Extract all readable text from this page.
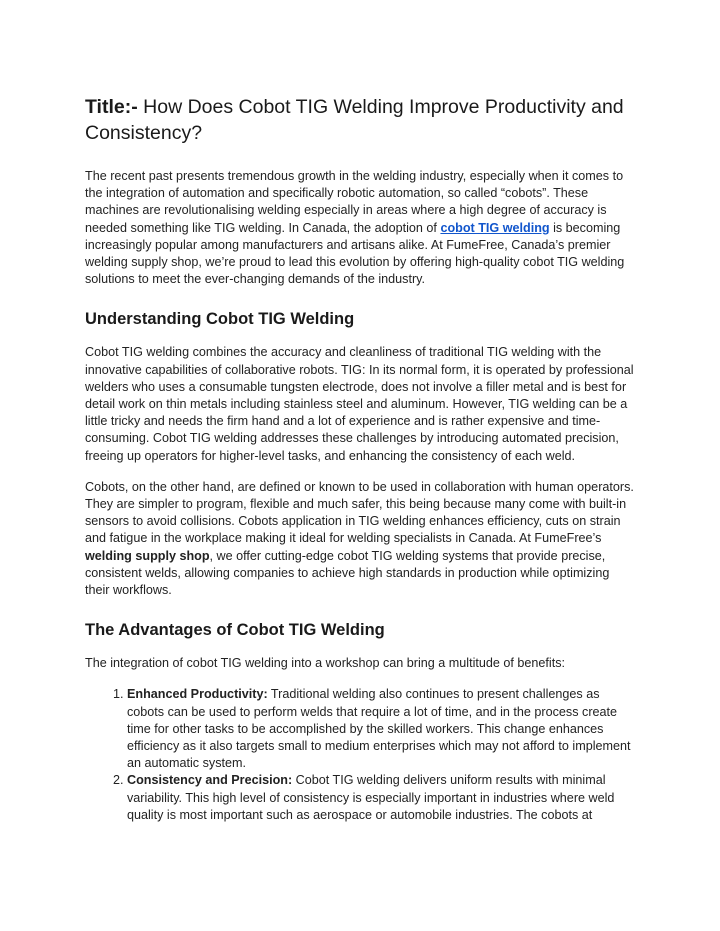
Title:- How Does Cobot TIG Welding Improve Productivity and Consistency?

The recent past presents tremendous growth in the welding industry, especially when it comes to the integration of automation and specifically robotic automation, so called “cobots”. These machines are revolutionalising welding especially in areas where a high degree of accuracy is needed something like TIG welding. In Canada, the adoption of cobot TIG welding is becoming increasingly popular among manufacturers and artisans alike. At FumeFree, Canada’s premier welding supply shop, we’re proud to lead this evolution by offering high-quality cobot TIG welding solutions to meet the ever-changing demands of the industry.

Understanding Cobot TIG Welding

Cobot TIG welding combines the accuracy and cleanliness of traditional TIG welding with the innovative capabilities of collaborative robots. TIG: In its normal form, it is operated by professional welders who uses a consumable tungsten electrode, does not involve a filler metal and is best for detail work on thin metals including stainless steel and aluminum. However, TIG welding can be a little tricky and needs the firm hand and a lot of experience and is rather expensive and time-consuming. Cobot TIG welding addresses these challenges by introducing automated precision, freeing up operators for higher-level tasks, and enhancing the consistency of each weld.

Cobots, on the other hand, are defined or known to be used in collaboration with human operators. They are simpler to program, flexible and much safer, this being because many come with built-in sensors to avoid collisions. Cobots application in TIG welding enhances efficiency, cuts on strain and fatigue in the workplace making it ideal for welding specialists in Canada. At FumeFree’s welding supply shop, we offer cutting-edge cobot TIG welding systems that provide precise, consistent welds, allowing companies to achieve high standards in production while optimizing their workflows.

The Advantages of Cobot TIG Welding

The integration of cobot TIG welding into a workshop can bring a multitude of benefits:

1. Enhanced Productivity: Traditional welding also continues to present challenges as cobots can be used to perform welds that require a lot of time, and in the process create time for other tasks to be accomplished by the skilled workers. This change enhances efficiency as it also targets small to medium enterprises which may not afford to implement an automatic system.
2. Consistency and Precision: Cobot TIG welding delivers uniform results with minimal variability. This high level of consistency is especially important in industries where weld quality is most important such as aerospace or automobile industries. The cobots at
